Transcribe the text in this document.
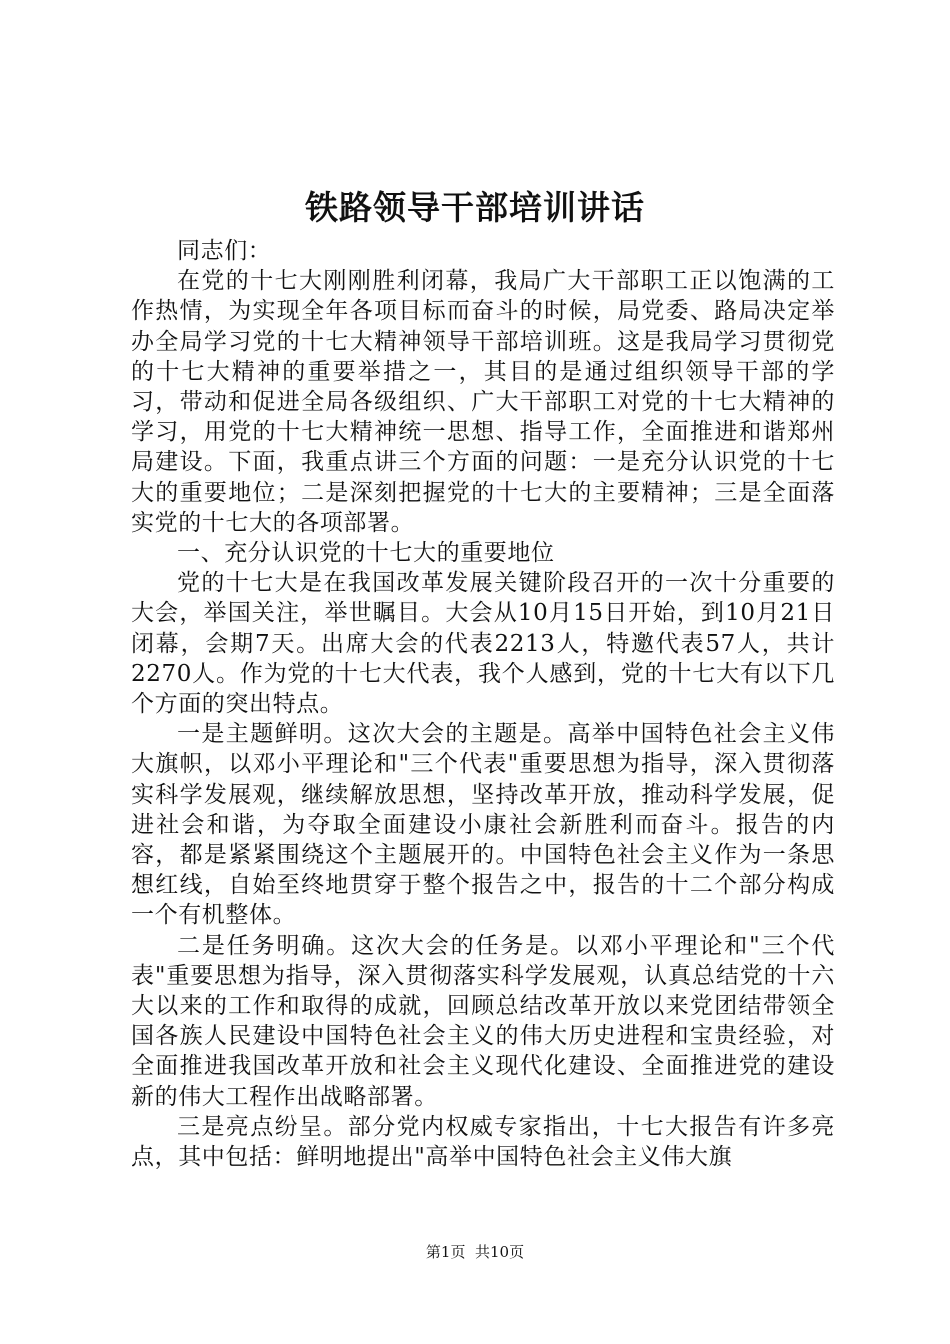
铁路领导干部培训讲话

同志们：

在党的十七大刚刚胜利闭幕，我局广大干部职工正以饱满的工作热情，为实现全年各项目标而奋斗的时候，局党委、路局决定举办全局学习党的十七大精神领导干部培训班。这是我局学习贯彻党的十七大精神的重要举措之一，其目的是通过组织领导干部的学习，带动和促进全局各级组织、广大干部职工对党的十七大精神的学习，用党的十七大精神统一思想、指导工作，全面推进和谐郑州局建设。下面，我重点讲三个方面的问题：一是充分认识党的十七大的重要地位；二是深刻把握党的十七大的主要精神；三是全面落实党的十七大的各项部署。

一、充分认识党的十七大的重要地位

党的十七大是在我国改革发展关键阶段召开的一次十分重要的大会，举国关注，举世瞩目。大会从10月15日开始，到10月21日闭幕，会期7天。出席大会的代表2213人，特邀代表57人，共计2270人。作为党的十七大代表，我个人感到，党的十七大有以下几个方面的突出特点。

一是主题鲜明。这次大会的主题是。高举中国特色社会主义伟大旗帜，以邓小平理论和"三个代表"重要思想为指导，深入贯彻落实科学发展观，继续解放思想，坚持改革开放，推动科学发展，促进社会和谐，为夺取全面建设小康社会新胜利而奋斗。报告的内容，都是紧紧围绕这个主题展开的。中国特色社会主义作为一条思想红线，自始至终地贯穿于整个报告之中，报告的十二个部分构成一个有机整体。

二是任务明确。这次大会的任务是。以邓小平理论和"三个代表"重要思想为指导，深入贯彻落实科学发展观，认真总结党的十六大以来的工作和取得的成就，回顾总结改革开放以来党团结带领全国各族人民建设中国特色社会主义的伟大历史进程和宝贵经验，对全面推进我国改革开放和社会主义现代化建设、全面推进党的建设新的伟大工程作出战略部署。

三是亮点纷呈。部分党内权威专家指出，十七大报告有许多亮点，其中包括：鲜明地提出"高举中国特色社会主义伟大旗

第1页 共10页
